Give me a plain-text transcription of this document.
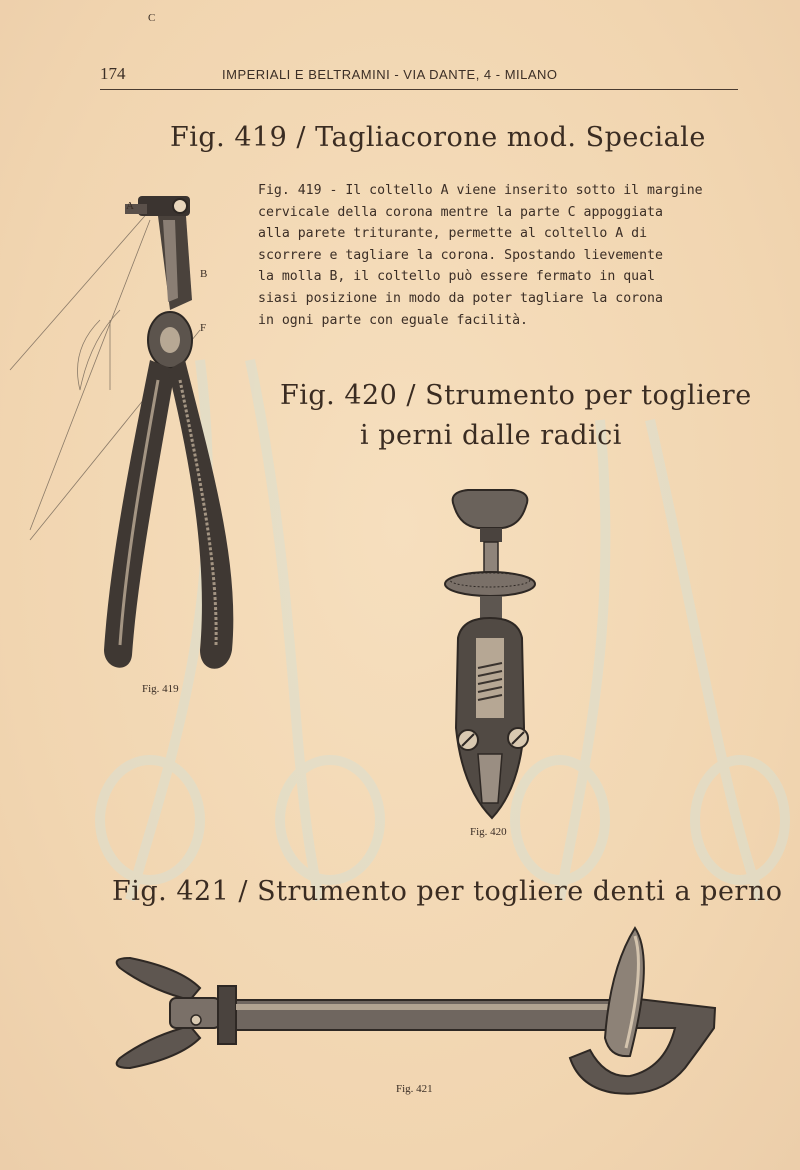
174	IMPERIALI E BELTRAMINI - VIA DANTE, 4 - MILANO
Fig. 419 / Tagliacorone mod. Speciale
Fig. 419 - Il coltello A viene inserito sotto il margine
cervicale della corona mentre la parte C appoggiata
alla parete triturante, permette al coltello A di
scorrere e tagliare la corona. Spostando lievemente
la molla B, il coltello può essere fermato in qual
siasi posizione in modo da poter tagliare la corona
in ogni parte con eguale facilità.
C
A
B
F
Fig. 419
Fig. 420 / Strumento per togliere
i perni dalle radici
Fig. 420
Fig. 421 / Strumento per togliere denti a perno
Fig. 421
